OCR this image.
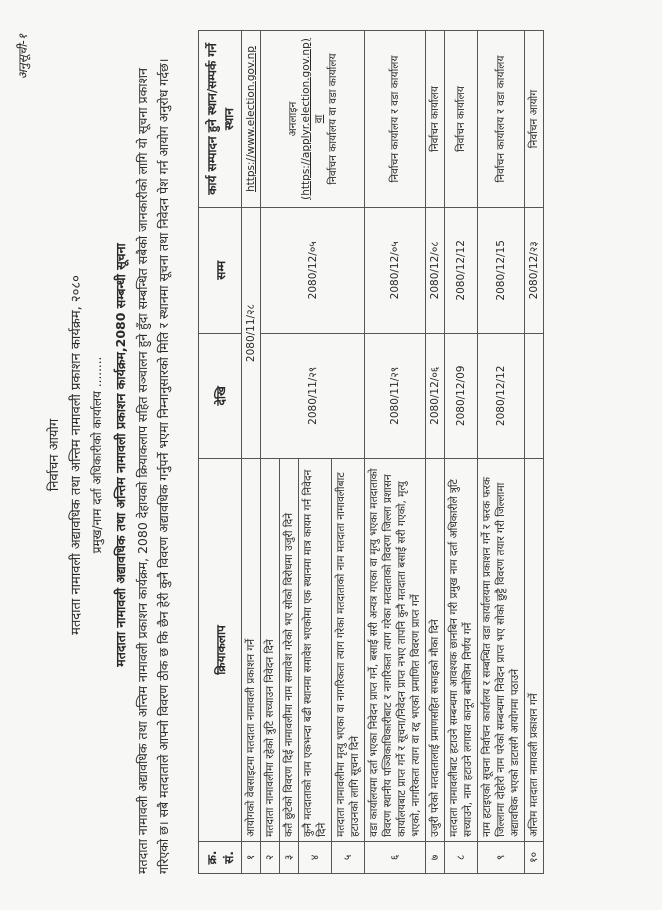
अनुसूची-१
निर्वाचन आयोग मतदाता नामावली अद्यावधिक तथा अन्तिम नामावली प्रकाशन कार्यक्रम, २०८० प्रमुख/नाम दर्ता अधिकारीको कार्यालय ........ मतदाता नामावली अद्यावधिक तथा अन्तिम नामावली प्रकाशन कार्यक्रम,2080 सम्बन्धी सूचना मतदाता नामावली अद्यावधिक तथा अन्तिम नामावली प्रकाशन कार्यक्रम, 2080 देहायको क्रियाकलाप सहित सञ्चालन हुने हुँदा सम्बन्धित सबैको जानकारीको लागि यो सूचना प्रकाशन गरिएको छ। सबै मतदाताले आफ्नो विवरण ठीक छ कि छैन हेरी कुनै विवरण अद्यावधिक गर्नुपर्ने भएमा निम्नानुसारको मिति र स्थानमा सूचना तथा निवेदन पेश गर्न आयोग अनुरोध गर्दछ।	क्र. सं.	क्रियाकलाप	देखि	सम्म	कार्य सम्पादन हुने स्थान/सम्पर्क गर्ने स्थान
१	आयोगको वेबसाइटमा मतदाता नामावली प्रकाशन गर्ने	2080/11/२८		https://www.election.gov.np
२	मतदाता नामावलीमा रहेको त्रुटि सच्याउन निवेदन दिने	2080/11/२९	2080/12/०५	अनलाइन (https://applyr.election.gov.np) वा निर्वाचन कार्यालय वा वडा कार्यालय

३	कतै छुटेको विवरण दिई नामावलीमा नाम समावेश गरेको भए सोको विरोधमा उजुरी दिने			
४	कुनै मतदाताको नाम एकभन्दा बढी स्थानमा समावेश भएकोमा एक स्थानमा मात्र कायम गर्न निवेदन दिने			
५	मतदाता नामावलीमा मृत्यु भएका वा नागरिकता त्याग गरेका मतदाताको नाम मतदाता नामावलीबाट हटाउनको लागि सूचना दिने			
६	वडा कार्यालयमा दर्ता भएका निवेदन प्राप्त गर्ने, बसाई सरी अन्यत्र गएका वा मृत्यु भएका मतदाताको विवरण स्थानीय पञ्जिकाधिकारीबाट र नागरिकता त्याग गरेका मतदाताको विवरण जिल्ला प्रशासन कार्यालयबाट प्राप्त गर्ने र सूचना/निवेदन प्राप्त नभए तापनि कुनै मतदाता बसाई सरी गएको, मृत्यु भएको, नागरिकता त्याग वा रद्द भएको प्रमाणित विवरण प्राप्त गर्ने	2080/11/२९	2080/12/०५	निर्वाचन कार्यालय र वडा कार्यालय
७	उजुरी परेको मतदातालाई प्रमाणसहित सफाइको मौका दिने	2080/12/०६	2080/12/०८	निर्वाचन कार्यालय
८	मतदाता नामावलीबाट हटाउने सम्बन्धमा आवश्यक छानबिन गरी प्रमुख नाम दर्ता अधिकारीले त्रुटि सच्याउने, नाम हटाउने लगायत कानून बमोजिम निर्णय गर्ने	2080/12/09	2080/12/12	निर्वाचन कार्यालय
९	नाम हटाइएको सूचना निर्वाचन कार्यालय र सम्बन्धित वडा कार्यालयमा प्रकाशन गर्ने र फरक फरक जिल्लामा दोहोरो नाम परेको सम्बन्धमा निवेदन प्राप्त भए सोको छुट्टै विवरण तयार गरी जिल्लामा अद्यावधिक भएको डाटासंगै आयोगमा पठाउने	2080/12/12	2080/12/15	निर्वाचन कार्यालय र वडा कार्यालय
१०	अन्तिम मतदाता नामावली प्रकाशन गर्ने		2080/12/२३	निर्वाचन आयोग
